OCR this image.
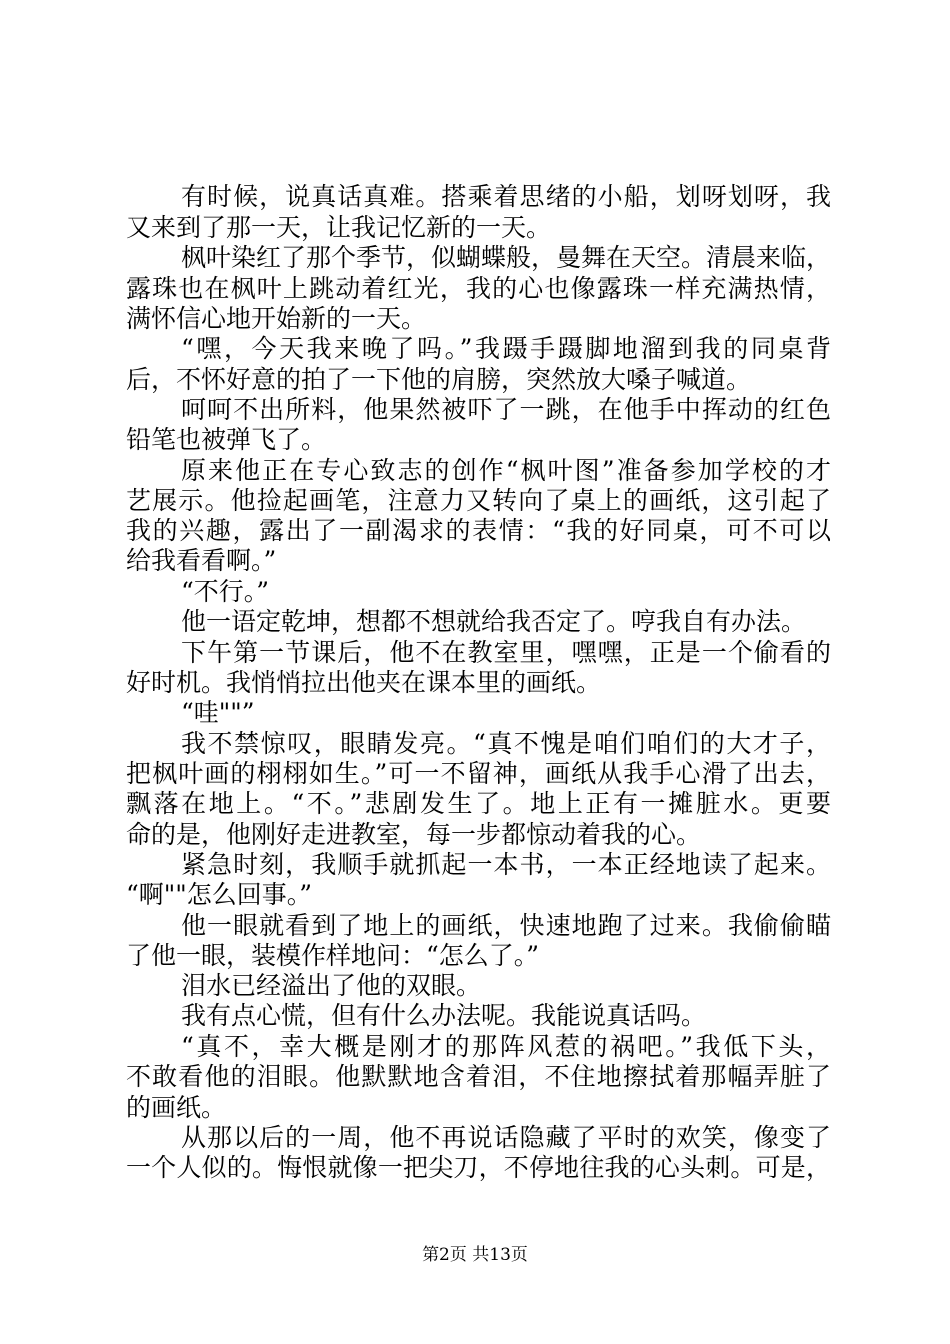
有时候，说真话真难。搭乘着思绪的小船，划呀划呀，我
又来到了那一天，让我记忆新的一天。
枫叶染红了那个季节，似蝴蝶般，曼舞在天空。清晨来临，
露珠也在枫叶上跳动着红光，我的心也像露珠一样充满热情，
满怀信心地开始新的一天。
“嘿，今天我来晚了吗。”我蹑手蹑脚地溜到我的同桌背
后，不怀好意的拍了一下他的肩膀，突然放大嗓子喊道。
呵呵不出所料，他果然被吓了一跳，在他手中挥动的红色
铅笔也被弹飞了。
原来他正在专心致志的创作“枫叶图”准备参加学校的才
艺展示。他捡起画笔，注意力又转向了桌上的画纸，这引起了
我的兴趣，露出了一副渴求的表情：“我的好同桌，可不可以
给我看看啊。”
“不行。”
他一语定乾坤，想都不想就给我否定了。哼我自有办法。
下午第一节课后，他不在教室里，嘿嘿，正是一个偷看的
好时机。我悄悄拉出他夹在课本里的画纸。
“哇""”
我不禁惊叹，眼睛发亮。“真不愧是咱们咱们的大才子，
把枫叶画的栩栩如生。”可一不留神，画纸从我手心滑了出去，
飘落在地上。“不。”悲剧发生了。地上正有一摊脏水。更要
命的是，他刚好走进教室，每一步都惊动着我的心。
紧急时刻，我顺手就抓起一本书，一本正经地读了起来。
“啊""怎么回事。”
他一眼就看到了地上的画纸，快速地跑了过来。我偷偷瞄
了他一眼，装模作样地问：“怎么了。”
泪水已经溢出了他的双眼。
我有点心慌，但有什么办法呢。我能说真话吗。
“真不，幸大概是刚才的那阵风惹的祸吧。”我低下头，
不敢看他的泪眼。他默默地含着泪，不住地擦拭着那幅弄脏了
的画纸。
从那以后的一周，他不再说话隐藏了平时的欢笑，像变了
一个人似的。悔恨就像一把尖刀，不停地往我的心头刺。可是，
第2页 共13页
